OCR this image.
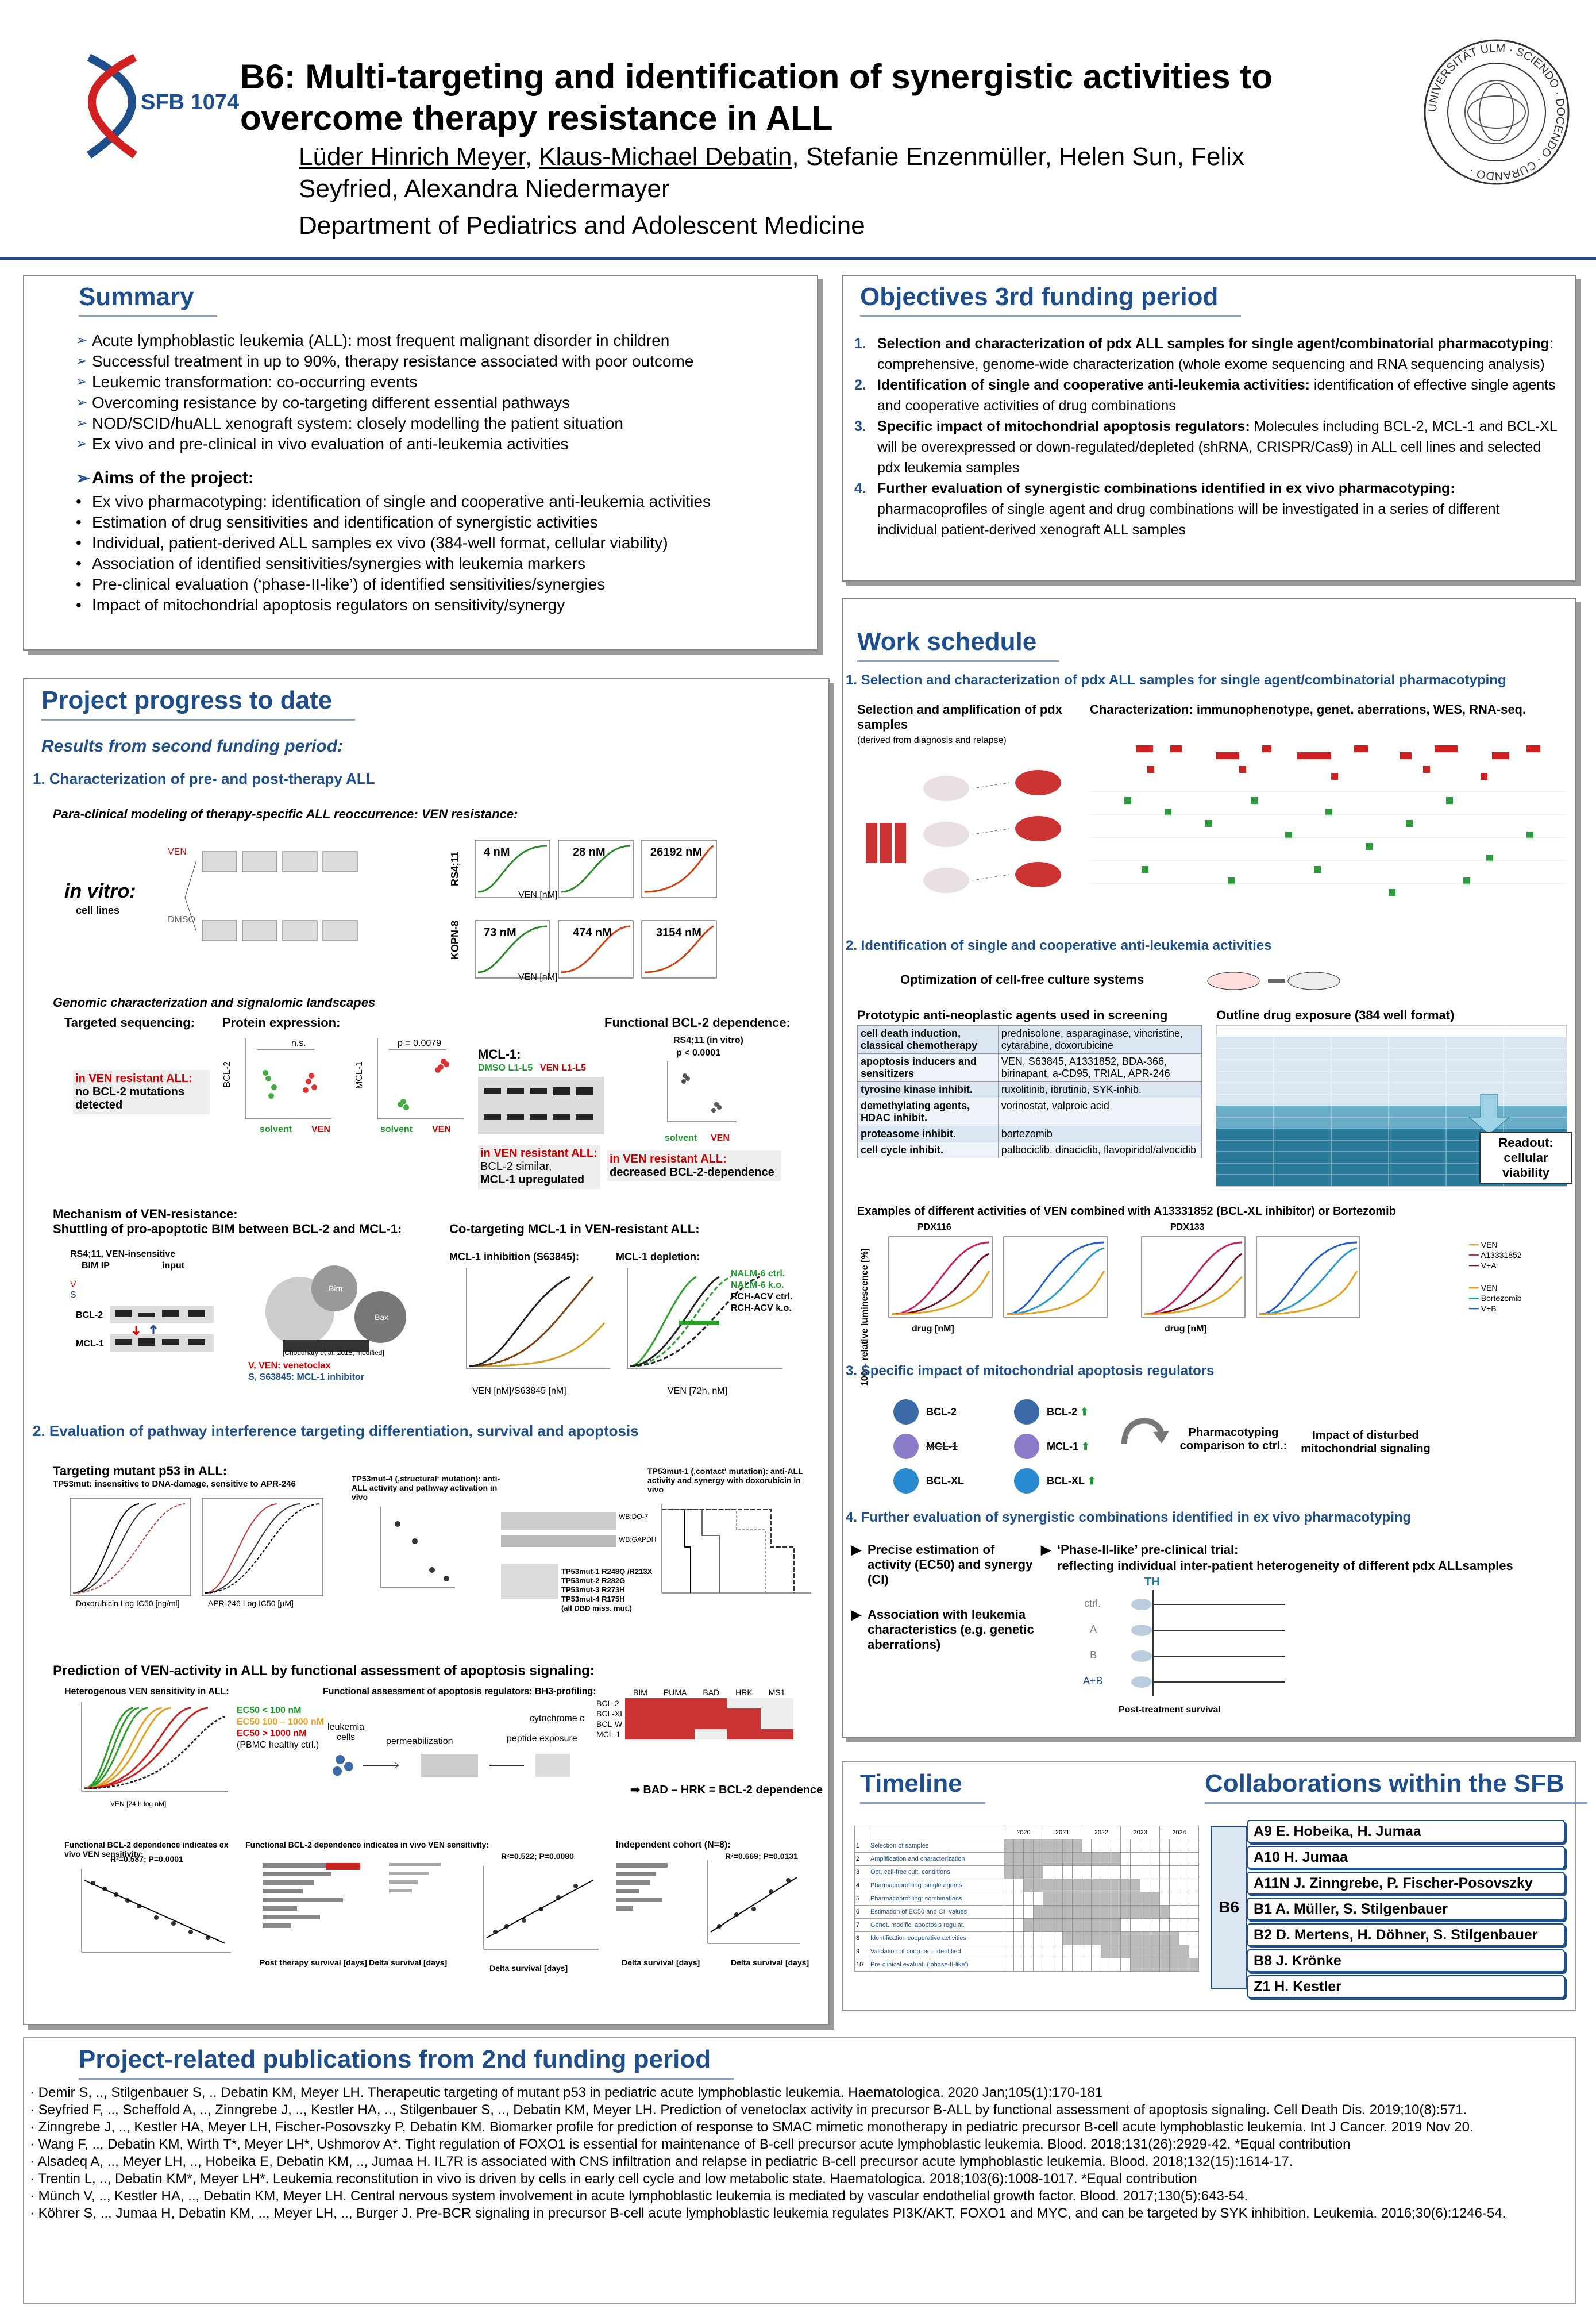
SFB 1074
B6: Multi-targeting and identification of synergistic activities to
overcome therapy resistance in ALL
Lüder Hinrich Meyer, Klaus-Michael Debatin, Stefanie Enzenmüller, Helen Sun, Felix
Seyfried, Alexandra Niedermayer
Department of Pediatrics and Adolescent Medicine
UNIVERSITÄT ULM · SCIENDO · DOCENDO · CURANDO ·
Summary
➢ Acute lymphoblastic leukemia (ALL): most frequent malignant disorder in children
➢ Successful treatment in up to 90%, therapy resistance associated with poor outcome
➢ Leukemic transformation: co-occurring events
➢ Overcoming resistance by co-targeting different essential pathways
➢ NOD/SCID/huALL xenograft system: closely modelling the patient situation
➢ Ex vivo and pre-clinical in vivo evaluation of anti-leukemia activities
➢ Aims of the project:
• Ex vivo pharmacotyping: identification of single and cooperative anti-leukemia activities
• Estimation of drug sensitivities and identification of synergistic activities
• Individual, patient-derived ALL samples ex vivo (384-well format, cellular viability)
• Association of identified sensitivities/synergies with leukemia markers
• Pre-clinical evaluation (‘phase-II-like’) of identified sensitivities/synergies
• Impact of mitochondrial apoptosis regulators on sensitivity/synergy
Objectives 3rd funding period
1. Selection and characterization of pdx ALL samples for single agent/combinatorial pharmacotyping: comprehensive, genome-wide characterization (whole exome sequencing and RNA sequencing analysis)
2. Identification of single and cooperative anti-leukemia activities: identification of effective single agents and cooperative activities of drug combinations
3. Specific impact of mitochondrial apoptosis regulators: Molecules including BCL-2, MCL-1 and BCL-XL will be overexpressed or down-regulated/depleted (shRNA, CRISPR/Cas9) in ALL cell lines and selected pdx leukemia samples
4. Further evaluation of synergistic combinations identified in ex vivo pharmacotyping: pharmacoprofiles of single agent and drug combinations will be investigated in a series of different individual patient-derived xenograft ALL samples
Project progress to date
Results from second funding period:
1. Characterization of pre- and post-therapy ALL
Para-clinical modeling of therapy-specific ALL reoccurrence: VEN resistance:
in vitro:
cell lines
VEN
DMSO
RS4;11
KOPN-8
4 nM	28 nM	26192 nM
73 nM	474 nM	3154 nM
VEN [nM]
VEN [nM]
Genomic characterization and signalomic landscapes
Targeted sequencing: Protein expression:
in VEN resistant ALL:
no BCL-2 mutations detected
n.s.
BCL-2
solvent VEN
p = 0.0079
MCL-1
solvent VEN
MCL-1:
DMSO L1-L5 VEN L1-L5
in VEN resistant ALL:
BCL-2 similar,
MCL-1 upregulated
Functional BCL-2 dependence:
RS4;11 (in vitro)
p < 0.0001
solvent VEN
in VEN resistant ALL:
decreased BCL-2-dependence
Mechanism of VEN-resistance:
Shuttling of pro-apoptotic BIM between BCL-2 and MCL-1:	Co-targeting MCL-1 in VEN-resistant ALL:
RS4;11, VEN-insensitive
BIM IP	input
V
S
BCL-2
MCL-1
Bim
Bax
[Choudhary et al. 2015, modified]
V, VEN: venetoclax
S, S63845: MCL-1 inhibitor
MCL-1 inhibition (S63845):	MCL-1 depletion:
NALM-6 ctrl.
NALM-6 k.o.
RCH-ACV ctrl.
RCH-ACV k.o.
VEN [nM]/S63845 [nM]	VEN [72h, nM]
2. Evaluation of pathway interference targeting differentiation, survival and apoptosis
Targeting mutant p53 in ALL:
TP53mut: insensitive to DNA-damage, sensitive to APR-246
Doxorubicin Log IC50 [ng/ml]	APR-246 Log IC50 [μM]
TP53mut-4 (‚structural‘ mutation): anti-ALL activity and pathway activation in vivo
WB:DO-7
WB:GAPDH
TP53mut-1 R248Q /R213X
TP53mut-2 R282G
TP53mut-3 R273H
TP53mut-4 R175H
(all DBD miss. mut.)
TP53mut-1 (‚contact‘ mutation): anti-ALL activity and synergy with doxorubicin in vivo
Prediction of VEN-activity in ALL by functional assessment of apoptosis signaling:
Heterogenous VEN sensitivity in ALL:	Functional assessment of apoptosis regulators: BH3-profiling:
EC50 < 100 nM
EC50 100 – 1000 nM
EC50 > 1000 nM
(PBMC healthy ctrl.)
VEN [24 h log nM]
leukemia cells	permeabilization	peptide exposure
cytochrome c
	BIM	PUMA	BAD	HRK	MS1
BCL-2					
BCL-XL					
BCL-W					
MCL-1					
➡ BAD – HRK = BCL-2 dependence
Functional BCL-2 dependence indicates ex vivo VEN sensitivity:
R²=0.587; P=0.0001
Functional BCL-2 dependence indicates in vivo VEN sensitivity:
Post therapy survival [days] Delta survival [days]
R²=0.522; P=0.0080
Delta survival [days]
Independent cohort (N=8):
R²=0.669; P=0.0131
Delta survival [days]	Delta survival [days]
Work schedule
1. Selection and characterization of pdx ALL samples for single agent/combinatorial pharmacotyping
Selection and amplification of pdx samples
(derived from diagnosis and relapse)
Characterization: immunophenotype, genet. aberrations, WES, RNA-seq.
2. Identification of single and cooperative anti-leukemia activities
Optimization of cell-free culture systems
Prototypic anti-neoplastic agents used in screening
cell death induction, classical chemotherapy	prednisolone, asparaginase, vincristine, cytarabine, doxorubicine
apoptosis inducers and sensitizers	VEN, S63845, A1331852, BDA-366, birinapant, a-CD95, TRIAL, APR-246
tyrosine kinase inhibit.	ruxolitinib, ibrutinib, SYK-inhib.
demethylating agents, HDAC inhibit.	vorinostat, valproic acid
proteasome inhibit.	bortezomib
cell cycle inhibit.	palbociclib, dinaciclib, flavopiridol/alvocidib
Outline drug exposure (384 well format)
Readout: cellular viability
Examples of different activities of VEN combined with A13331852 (BCL-XL inhibitor) or Bortezomib
PDX116	PDX133
100 – relative luminescence [%]	drug [nM]	drug [nM]
━━ VEN
━━ A13331852
━━ V+A
━━ VEN
━━ Bortezomib
━━ V+B
3. Specific impact of mitochondrial apoptosis regulators
BCL-2
MCL-1
BCL-XL
BCL-2 ⬆
MCL-1 ⬆
BCL-XL ⬆
Pharmacotyping comparison to ctrl.:
Impact of disturbed mitochondrial signaling
4. Further evaluation of synergistic combinations identified in ex vivo pharmacotyping
▶ Precise estimation of activity (EC50) and synergy (CI)
▶ Association with leukemia characteristics (e.g. genetic aberrations)
▶ ‘Phase-II-like’ pre-clinical trial:
reflecting individual inter-patient heterogeneity of different pdx ALLsamples
TH
ctrl.
A
B
A+B
Post-treatment survival
Timeline	Collaborations within the SFB
		2020				2021				2022				2023				2024			
1	Selection of samples																				
2	Amplification and characterization																				
3	Opt. cell-free cult. conditions																				
4	Pharmacoprofiling: single agents																				
5	Pharmacoprofiling: combinations																				
6	Estimation of EC50 and CI -values																				
7	Genet. modific. apoptosis regulat.																				
8	Identification cooperative activities																				
9	Validation of coop. act. identified																				
10	Pre-clinical evaluat. (‘phase-II-like’)																				
B6
A9 E. Hobeika, H. Jumaa
A10 H. Jumaa
A11N J. Zinngrebe, P. Fischer-Posovszky
B1 A. Müller, S. Stilgenbauer
B2 D. Mertens, H. Döhner, S. Stilgenbauer
B8 J. Krönke
Z1 H. Kestler
Project-related publications from 2nd funding period

· Demir S, .., Stilgenbauer S, .. Debatin KM, Meyer LH. Therapeutic targeting of mutant p53 in pediatric acute lymphoblastic leukemia. Haematologica. 2020 Jan;105(1):170-181

· Seyfried F, .., Scheffold A, .., Zinngrebe J, .., Kestler HA, .., Stilgenbauer S, .., Debatin KM, Meyer LH. Prediction of venetoclax activity in precursor B-ALL by functional assessment of apoptosis signaling. Cell Death Dis. 2019;10(8):571.

· Zinngrebe J, .., Kestler HA, Meyer LH, Fischer-Posovszky P, Debatin KM. Biomarker profile for prediction of response to SMAC mimetic monotherapy in pediatric precursor B-cell acute lymphoblastic leukemia. Int J Cancer. 2019 Nov 20.

· Wang F, .., Debatin KM, Wirth T*, Meyer LH*, Ushmorov A*. Tight regulation of FOXO1 is essential for maintenance of B-cell precursor acute lymphoblastic leukemia. Blood. 2018;131(26):2929-42. *Equal contribution

· Alsadeq A, .., Meyer LH, .., Hobeika E, Debatin KM, .., Jumaa H. IL7R is associated with CNS infiltration and relapse in pediatric B-cell precursor acute lymphoblastic leukemia. Blood. 2018;132(15):1614-17.

· Trentin L, .., Debatin KM*, Meyer LH*. Leukemia reconstitution in vivo is driven by cells in early cell cycle and low metabolic state. Haematologica. 2018;103(6):1008-1017. *Equal contribution

· Münch V, .., Kestler HA, .., Debatin KM, Meyer LH. Central nervous system involvement in acute lymphoblastic leukemia is mediated by vascular endothelial growth factor. Blood. 2017;130(5):643-54.

· Köhrer S, .., Jumaa H, Debatin KM, .., Meyer LH, .., Burger J. Pre-BCR signaling in precursor B-cell acute lymphoblastic leukemia regulates PI3K/AKT, FOXO1 and MYC, and can be targeted by SYK inhibition. Leukemia. 2016;30(6):1246-54.
